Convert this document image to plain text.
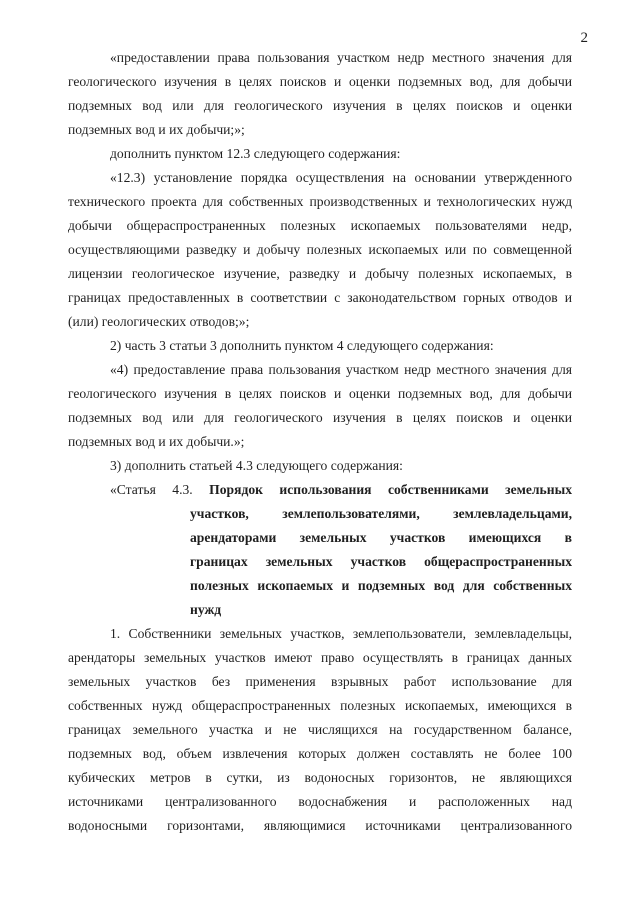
2
«предоставлении права пользования участком недр местного значения для
геологического изучения в целях поисков и оценки подземных вод, для добычи
подземных вод или для геологического изучения в целях поисков и оценки
подземных вод и их добычи;»;
дополнить пунктом 12.3 следующего содержания:
«12.3) установление порядка осуществления на основании утвержденного
технического проекта для собственных производственных и технологических нужд
добычи общераспространенных полезных ископаемых пользователями недр,
осуществляющими разведку и добычу полезных ископаемых или по совмещенной
лицензии геологическое изучение, разведку и добычу полезных ископаемых, в
границах предоставленных в соответствии с законодательством горных отводов и
(или) геологических отводов;»;
2) часть 3 статьи 3 дополнить пунктом 4 следующего содержания:
«4) предоставление права пользования участком недр местного значения для
геологического изучения в целях поисков и оценки подземных вод, для добычи
подземных вод или для геологического изучения в целях поисков и оценки
подземных вод и их добычи.»;
3) дополнить статьей 4.3 следующего содержания:
«Статья 4.3. Порядок использования собственниками земельных
участков, землепользователями, землевладельцами,
арендаторами земельных участков имеющихся в
границах земельных участков общераспространенных
полезных ископаемых и подземных вод для собственных
нужд
1. Собственники земельных участков, землепользователи, землевладельцы,
арендаторы земельных участков имеют право осуществлять в границах данных
земельных участков без применения взрывных работ использование для
собственных нужд общераспространенных полезных ископаемых, имеющихся в
границах земельного участка и не числящихся на государственном балансе,
подземных вод, объем извлечения которых должен составлять не более 100
кубических метров в сутки, из водоносных горизонтов, не являющихся
источниками централизованного водоснабжения и расположенных над
водоносными горизонтами, являющимися источниками централизованного
